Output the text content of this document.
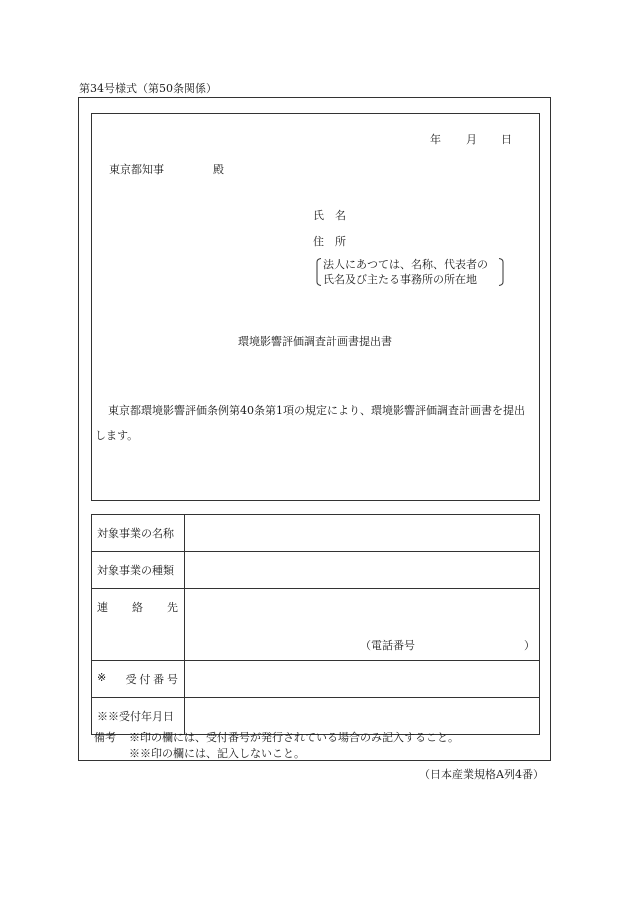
第34号様式（第50条関係）
年 月 日
東京都知事	殿
氏 名
住 所
法人にあつては、名称、代表者の
氏名及び主たる事務所の所在地
環境影響評価調査計画書提出書
東京都環境影響評価条例第40条第1項の規定により、環境影響評価調査計画書を提出します。
対象事業の名称	
対象事業の種類	

連 絡 先	（電話番号 ）

※ 受 付 番 号	

※※受付年月日	
備考 ※印の欄には、受付番号が発行されている場合のみ記入すること。
※※印の欄には、記入しないこと。
（日本産業規格A列4番）
